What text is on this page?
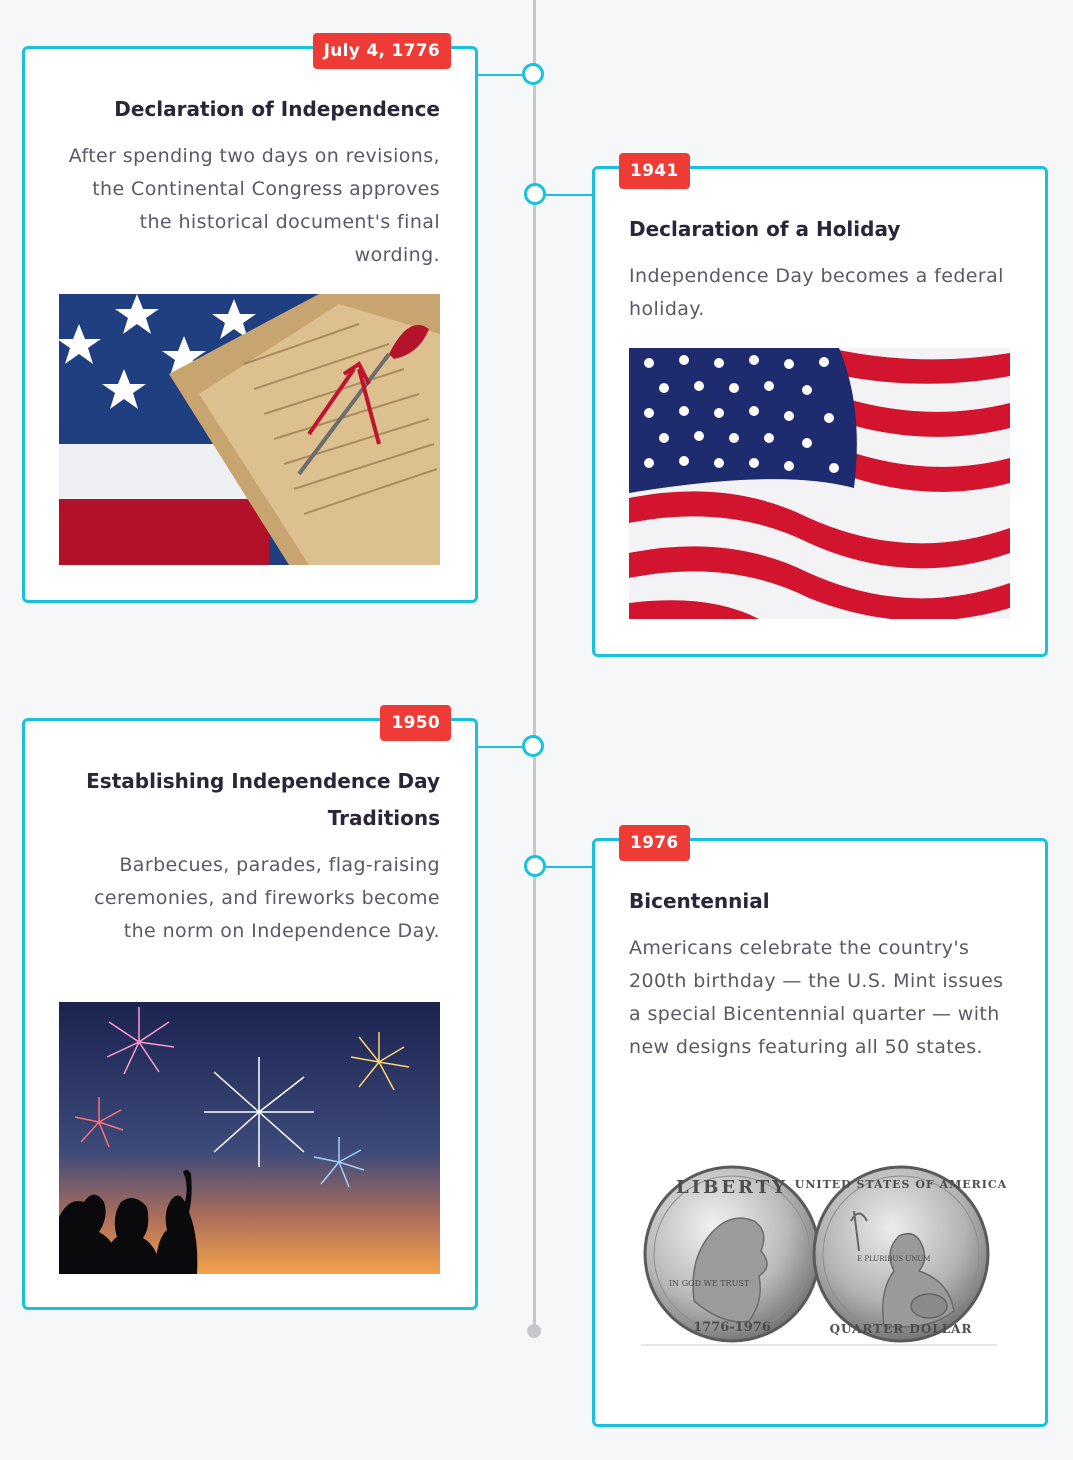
July 4, 1776
Declaration of Independence

After spending two days on revisions, the Continental Congress approves the historical document's final wording.

1941
Declaration of a Holiday

Independence Day becomes a federal holiday.

1950
Establishing Independence Day Traditions

Barbecues, parades, flag-raising ceremonies, and fireworks become the norm on Independence Day.

1976
Bicentennial

Americans celebrate the country's 200th birthday — the U.S. Mint issues a special Bicentennial quarter — with new designs featuring all 50 states.

LIBERTY
IN GOD WE TRUST
1776-1976
UNITED STATES OF AMERICA
E PLURIBUS UNUM
QUARTER DOLLAR
